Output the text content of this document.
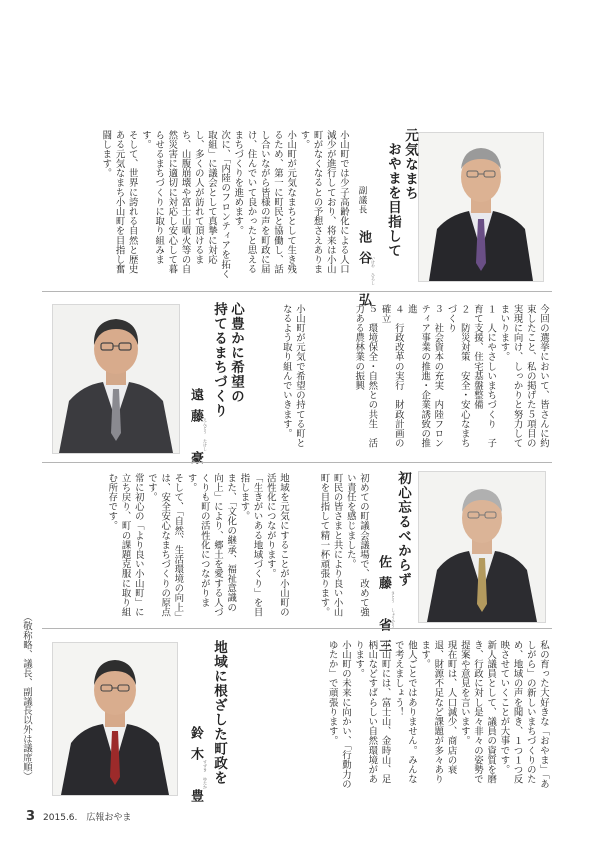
元気なまち
おやまを目指して
副議長
池谷　弘 いけや ひろし

小山町では少子高齢化による人口減少が進行しており、将来は小山町がなくなるとの予想さえあります。

小山町が元気なまちとして生き残るため、第一に町民と協働し、話し合いながら皆様の声を町政に届け、住んでいて良かったと思えるまちづくりを進めます。

次に、「内陸のフロンティアを拓く取組」に議会として真摯に対応し、多くの人が訪れて頂けるまち、山腹崩壊や富士山噴火等の自然災害に適切に対応し安心して暮らせるまちづくりに取り組みます。

そして、世界に誇れる自然と歴史ある元気なまち小山町を目指し奮闘します。

今回の選挙において、皆さんに約束したこと、私の掲げた５項目の実現に向け、しっかりと努力してまいります。

１　人にやさしいまちづくり　子育て支援、住宅基盤整備

２　防災対策　安全・安心なまちづくり

３　社会資本の充実　内陸フロンティア事業の推進・企業誘致の推進

４　行政改革の実行　財政計画の確立

５　環境保全・自然との共生　活力ある農林業の振興

小山町が元気で希望の持てる町となるよう取り組んでいきます。

心豊かに希望の
持てるまちづくり
遠藤　豪 えんどう たけし
初心忘るべからず
佐藤　省三 さとう しょうぞう

初めての町議会議場で、改めて強い責任を感じました。

町民の皆さまと共により良い小山町を目指して精一杯頑張ります。

地域を元気にすることが小山町の活性化につながります。

「生きがいある地域づくり」を目指します。

また、「文化の継承、福祉意識の向上」により、郷土を愛する人づくりも町の活性化につながります。

そして、「自然、生活環境の向上」は、安全安心なまちづくりの原点です。

常に初心の「より良い小山町」に立ち戻り、町の課題克服に取り組む所存です。

（敬称略、議長、副議長以外は議席順）	私の育った大好きな「おやま」「あしがら」の新しいまちづくりのため、地域の声を聞き、１つ１つ反映させていくことが大事です。

新人議員として、議員の資質を磨き、行政に対し是々非々の姿勢で提案や意見を言います。

現在町は、人口減少、商店の衰退、財源不足など課題が多々あります。

他人ごとではありません。みんなで考えましょう！

小山町には、富士山、金時山、足柄山などすばらしい自然環境があります。

小山町の未来に向かい、「行動力のゆたか」で頑張ります。

地域に根ざした町政を
鈴木　豊 すずき ゆたか
3 2015.6.　広報おやま
